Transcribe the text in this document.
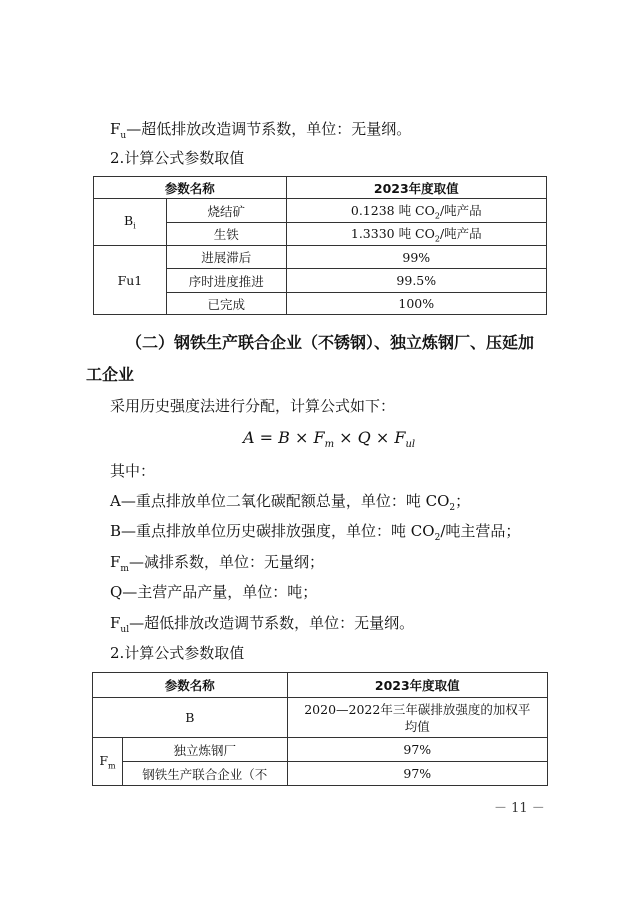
$F_u—$超低排放改造调节系数，单位：无量纲。
2.计算公式参数取值
参数名称		2023年度取值
$B_i$	烧结矿	0.1238 吨 $CO_2/$吨产品
	生铁	1.3330 吨 $CO_2/$吨产品
Fu1	进展滞后	99%
	序时进度推进	99.5%
	已完成	100%
（二）钢铁生产联合企业（不锈钢）、独立炼钢厂、压延加
工企业
采用历史强度法进行分配，计算公式如下：
$A = B \times F_m \times Q \times F_{ul}$
其中：
A—重点排放单位二氧化碳配额总量，单位：吨 $CO_2$；
B—重点排放单位历史碳排放强度，单位：吨 $CO_2/$吨主营品；
$F_m—$减排系数，单位：无量纲；
Q—主营产品产量，单位：吨；
$F_{ul}—$超低排放改造调节系数，单位：无量纲。
2.计算公式参数取值
参数名称		2023年度取值
B		2020—2022年三年碳排放强度的加权平
均值

$F_m$	独立炼钢厂	97%
	钢铁生产联合企业（不	97%
－ 11 －
